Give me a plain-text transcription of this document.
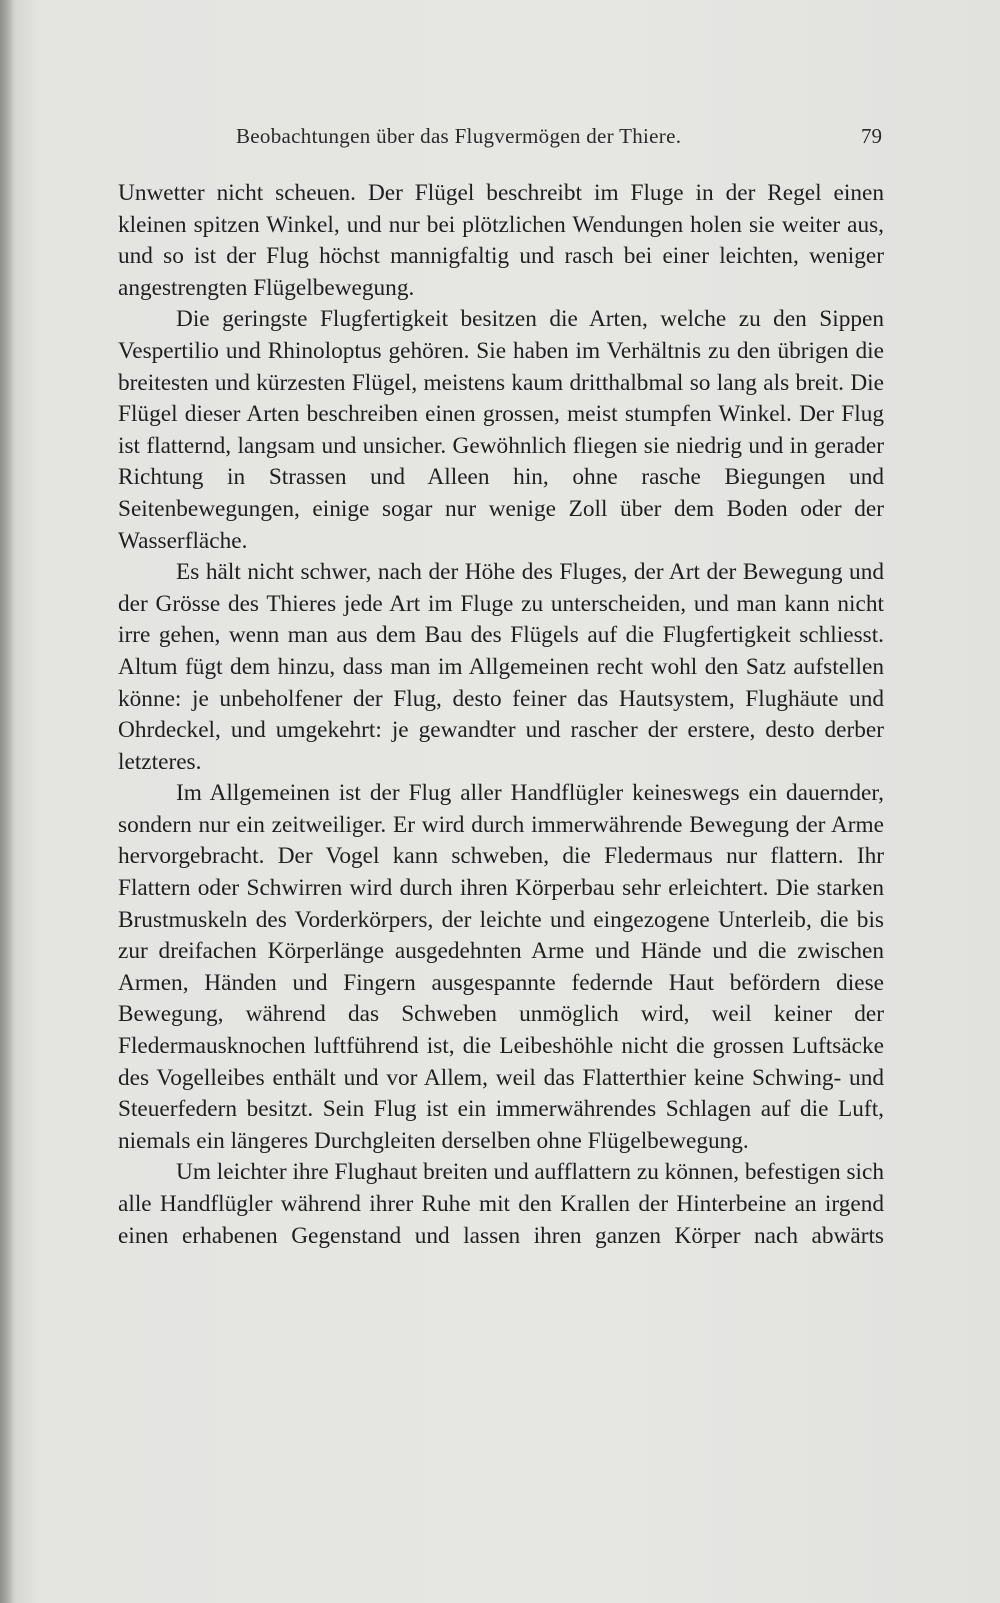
Beobachtungen über das Flugvermögen der Thiere.	79

Unwetter nicht scheuen. Der Flügel beschreibt im Fluge in der Regel einen kleinen spitzen Winkel, und nur bei plötzlichen Wendungen holen sie weiter aus, und so ist der Flug höchst mannigfaltig und rasch bei einer leichten, weniger angestrengten Flügelbewegung.

Die geringste Flugfertigkeit besitzen die Arten, welche zu den Sippen Vespertilio und Rhinoloptus gehören. Sie haben im Verhältnis zu den übrigen die breitesten und kürzesten Flügel, meistens kaum dritthalbmal so lang als breit. Die Flügel dieser Arten beschreiben einen grossen, meist stumpfen Winkel. Der Flug ist flatternd, langsam und unsicher. Gewöhnlich fliegen sie niedrig und in gerader Richtung in Strassen und Alleen hin, ohne rasche Biegungen und Seitenbewegungen, einige sogar nur wenige Zoll über dem Boden oder der Wasserfläche.

Es hält nicht schwer, nach der Höhe des Fluges, der Art der Bewegung und der Grösse des Thieres jede Art im Fluge zu unterscheiden, und man kann nicht irre gehen, wenn man aus dem Bau des Flügels auf die Flugfertigkeit schliesst. Altum fügt dem hinzu, dass man im Allgemeinen recht wohl den Satz aufstellen könne: je unbeholfener der Flug, desto feiner das Hautsystem, Flughäute und Ohrdeckel, und umgekehrt: je gewandter und rascher der erstere, desto derber letzteres.

Im Allgemeinen ist der Flug aller Handflügler keineswegs ein dauernder, sondern nur ein zeitweiliger. Er wird durch immerwährende Bewegung der Arme hervorgebracht. Der Vogel kann schweben, die Fledermaus nur flattern. Ihr Flattern oder Schwirren wird durch ihren Körperbau sehr erleichtert. Die starken Brustmuskeln des Vorderkörpers, der leichte und eingezogene Unterleib, die bis zur dreifachen Körperlänge ausgedehnten Arme und Hände und die zwischen Armen, Händen und Fingern ausgespannte federnde Haut befördern diese Bewegung, während das Schweben unmöglich wird, weil keiner der Fledermausknochen luftführend ist, die Leibeshöhle nicht die grossen Luftsäcke des Vogelleibes enthält und vor Allem, weil das Flatterthier keine Schwing- und Steuerfedern besitzt. Sein Flug ist ein immerwährendes Schlagen auf die Luft, niemals ein längeres Durchgleiten derselben ohne Flügelbewegung.

Um leichter ihre Flughaut breiten und aufflattern zu können, befestigen sich alle Handflügler während ihrer Ruhe mit den Krallen der Hinterbeine an irgend einen erhabenen Gegenstand und lassen ihren ganzen Körper nach abwärts
